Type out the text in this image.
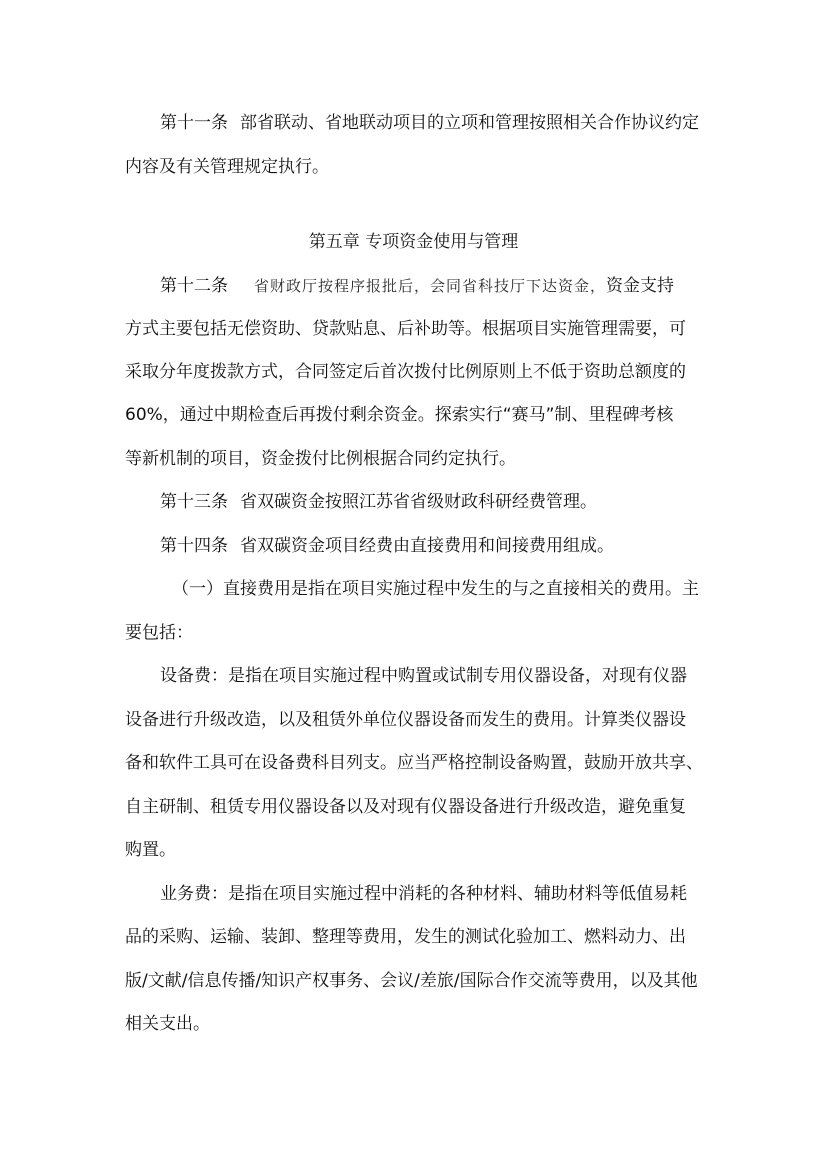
第十一条 部省联动、省地联动项目的立项和管理按照相关合作协议约定
内容及有关管理规定执行。
第五章 专项资金使用与管理
第十二条 省财政厅按程序报批后，会同省科技厅下达资金，资金支持
方式主要包括无偿资助、贷款贴息、后补助等。根据项目实施管理需要，可
采取分年度拨款方式，合同签定后首次拨付比例原则上不低于资助总额度的
60%，通过中期检查后再拨付剩余资金。探索实行“赛马”制、里程碑考核
等新机制的项目，资金拨付比例根据合同约定执行。
第十三条 省双碳资金按照江苏省省级财政科研经费管理。
第十四条 省双碳资金项目经费由直接费用和间接费用组成。
（一）直接费用是指在项目实施过程中发生的与之直接相关的费用。主
要包括：
设备费：是指在项目实施过程中购置或试制专用仪器设备，对现有仪器
设备进行升级改造，以及租赁外单位仪器设备而发生的费用。计算类仪器设
备和软件工具可在设备费科目列支。应当严格控制设备购置，鼓励开放共享、
自主研制、租赁专用仪器设备以及对现有仪器设备进行升级改造，避免重复
购置。
业务费：是指在项目实施过程中消耗的各种材料、辅助材料等低值易耗
品的采购、运输、装卸、整理等费用，发生的测试化验加工、燃料动力、出
版/文献/信息传播/知识产权事务、会议/差旅/国际合作交流等费用，以及其他
相关支出。
